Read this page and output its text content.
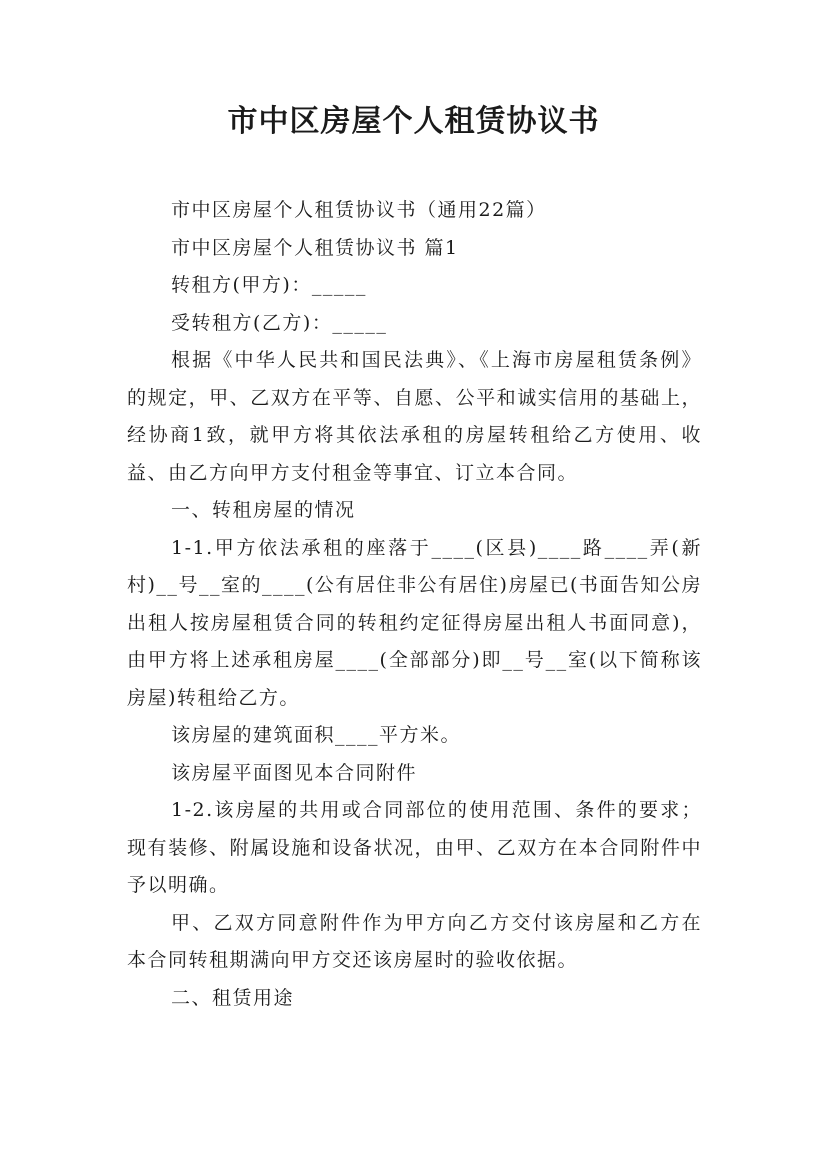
市中区房屋个人租赁协议书

市中区房屋个人租赁协议书（通用22篇）

市中区房屋个人租赁协议书 篇1

转租方(甲方)：_____

受转租方(乙方)：_____

根据《中华人民共和国民法典》、《上海市房屋租赁条例》的规定，甲、乙双方在平等、自愿、公平和诚实信用的基础上，经协商1致，就甲方将其依法承租的房屋转租给乙方使用、收益、由乙方向甲方支付租金等事宜、订立本合同。

一、转租房屋的情况

1-1.甲方依法承租的座落于____(区县)____路____弄(新村)__号__室的____(公有居住非公有居住)房屋已(书面告知公房出租人按房屋租赁合同的转租约定征得房屋出租人书面同意)，由甲方将上述承租房屋____(全部部分)即__号__室(以下简称该房屋)转租给乙方。

该房屋的建筑面积____平方米。

该房屋平面图见本合同附件

1-2.该房屋的共用或合同部位的使用范围、条件的要求；现有装修、附属设施和设备状况，由甲、乙双方在本合同附件中予以明确。

甲、乙双方同意附件作为甲方向乙方交付该房屋和乙方在本合同转租期满向甲方交还该房屋时的验收依据。

二、租赁用途
